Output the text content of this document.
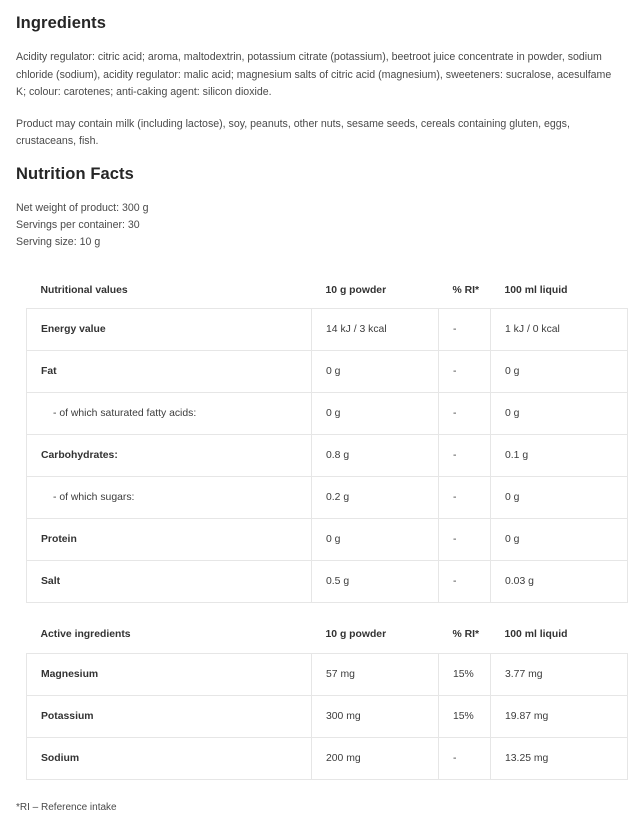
Ingredients

Acidity regulator: citric acid; aroma, maltodextrin, potassium citrate (potassium), beetroot juice concentrate in powder, sodium chloride (sodium), acidity regulator: malic acid; magnesium salts of citric acid (magnesium), sweeteners: sucralose, acesulfame K; colour: carotenes; anti-caking agent: silicon dioxide.

Product may contain milk (including lactose), soy, peanuts, other nuts, sesame seeds, cereals containing gluten, eggs, crustaceans, fish.

Nutrition Facts

Net weight of product: 300 g

Servings per container: 30

Serving size: 10 g

Nutritional values	10 g powder	% RI*	100 ml liquid
Energy value	14 kJ / 3 kcal	-	1 kJ / 0 kcal
Fat	0 g	-	0 g
- of which saturated fatty acids:	0 g	-	0 g
Carbohydrates:	0.8 g	-	0.1 g
- of which sugars:	0.2 g	-	0 g
Protein	0 g	-	0 g
Salt	0.5 g	-	0.03 g
Active ingredients	10 g powder	% RI*	100 ml liquid
Magnesium	57 mg	15%	3.77 mg
Potassium	300 mg	15%	19.87 mg
Sodium	200 mg	-	13.25 mg

*RI – Reference intake
